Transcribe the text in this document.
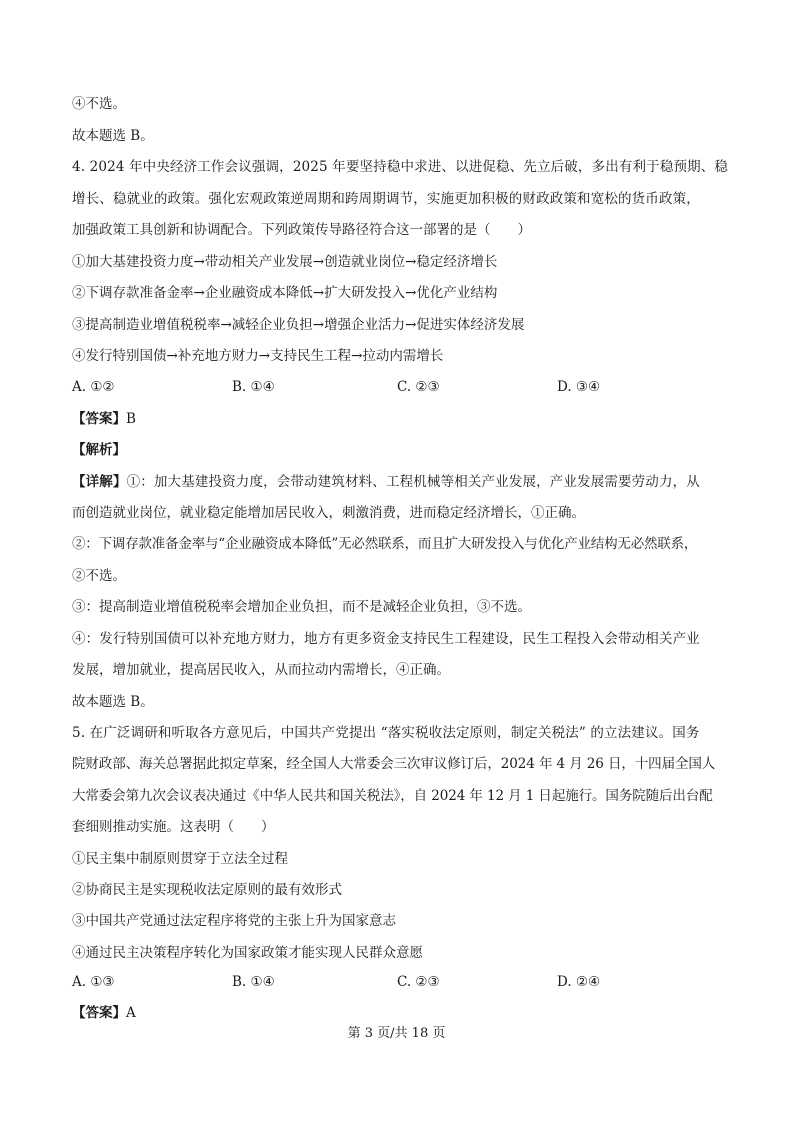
④不选。
故本题选 B。
4. 2024 年中央经济工作会议强调，2025 年要坚持稳中求进、以进促稳、先立后破，多出有利于稳预期、稳
增长、稳就业的政策。强化宏观政策逆周期和跨周期调节，实施更加积极的财政政策和宽松的货币政策，
加强政策工具创新和协调配合。下列政策传导路径符合这一部署的是（　　）
①加大基建投资力度→带动相关产业发展→创造就业岗位→稳定经济增长
②下调存款准备金率→企业融资成本降低→扩大研发投入→优化产业结构
③提高制造业增值税税率→减轻企业负担→增强企业活力→促进实体经济发展
④发行特别国债→补充地方财力→支持民生工程→拉动内需增长
A. ①②	B. ①④	C. ②③	D. ③④
【答案】B
【解析】
【详解】①：加大基建投资力度，会带动建筑材料、工程机械等相关产业发展，产业发展需要劳动力，从
而创造就业岗位，就业稳定能增加居民收入，刺激消费，进而稳定经济增长，①正确。
②：下调存款准备金率与“企业融资成本降低”无必然联系，而且扩大研发投入与优化产业结构无必然联系，
②不选。
③：提高制造业增值税税率会增加企业负担，而不是减轻企业负担，③不选。
④：发行特别国债可以补充地方财力，地方有更多资金支持民生工程建设，民生工程投入会带动相关产业
发展，增加就业，提高居民收入，从而拉动内需增长，④正确。
故本题选 B。
5. 在广泛调研和听取各方意见后，中国共产党提出 “落实税收法定原则，制定关税法” 的立法建议。国务
院财政部、海关总署据此拟定草案，经全国人大常委会三次审议修订后，2024 年 4 月 26 日，十四届全国人
大常委会第九次会议表决通过《中华人民共和国关税法》，自 2024 年 12 月 1 日起施行。国务院随后出台配
套细则推动实施。这表明（　　）
①民主集中制原则贯穿于立法全过程
②协商民主是实现税收法定原则的最有效形式
③中国共产党通过法定程序将党的主张上升为国家意志
④通过民主决策程序转化为国家政策才能实现人民群众意愿
A. ①③	B. ①④	C. ②③	D. ②④
【答案】A
第 3 页/共 18 页
